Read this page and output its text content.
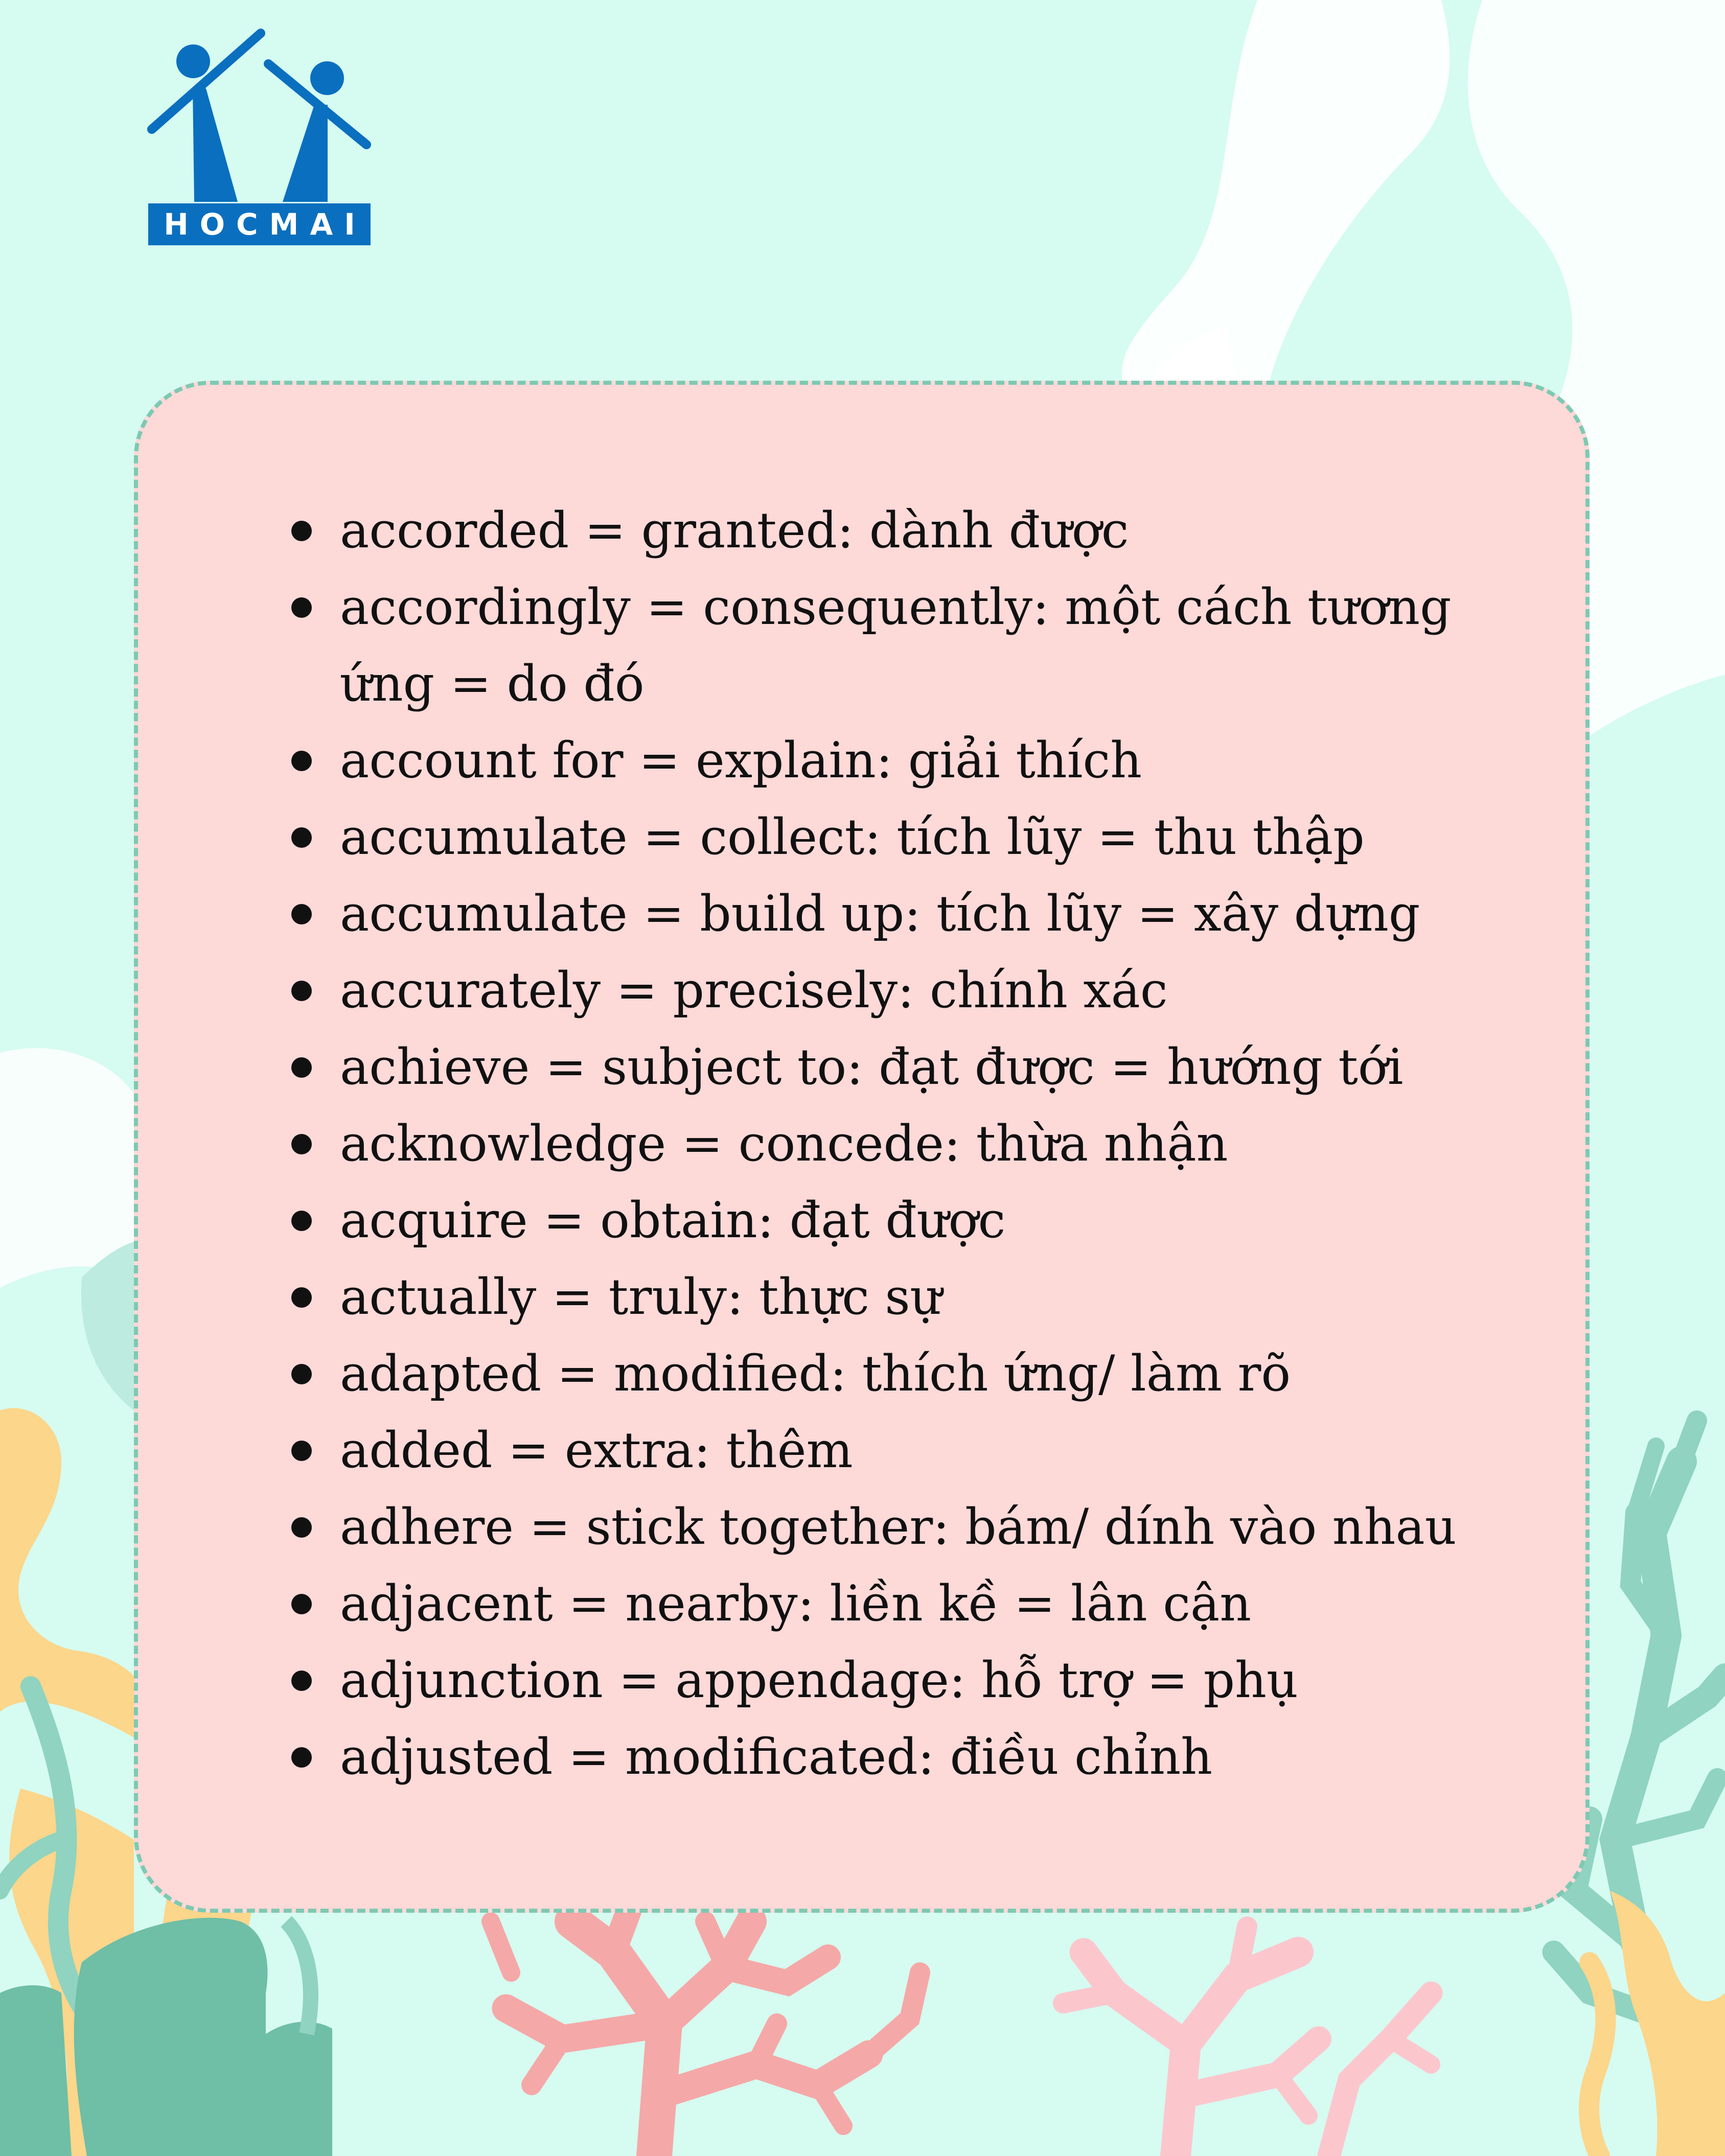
HOCMAI
accorded = granted: dành được
accordingly = consequently: một cách tương ứng = do đó
account for = explain: giải thích
accumulate = collect: tích lũy = thu thập
accumulate = build up: tích lũy = xây dựng
accurately = precisely: chính xác
achieve = subject to: đạt được = hướng tới
acknowledge = concede: thừa nhận
acquire = obtain: đạt được
actually = truly: thực sự
adapted = modified: thích ứng/ làm rõ
added = extra: thêm
adhere = stick together: bám/ dính vào nhau
adjacent = nearby: liền kề = lân cận
adjunction = appendage: hỗ trợ = phụ
adjusted = modificated: điều chỉnh
